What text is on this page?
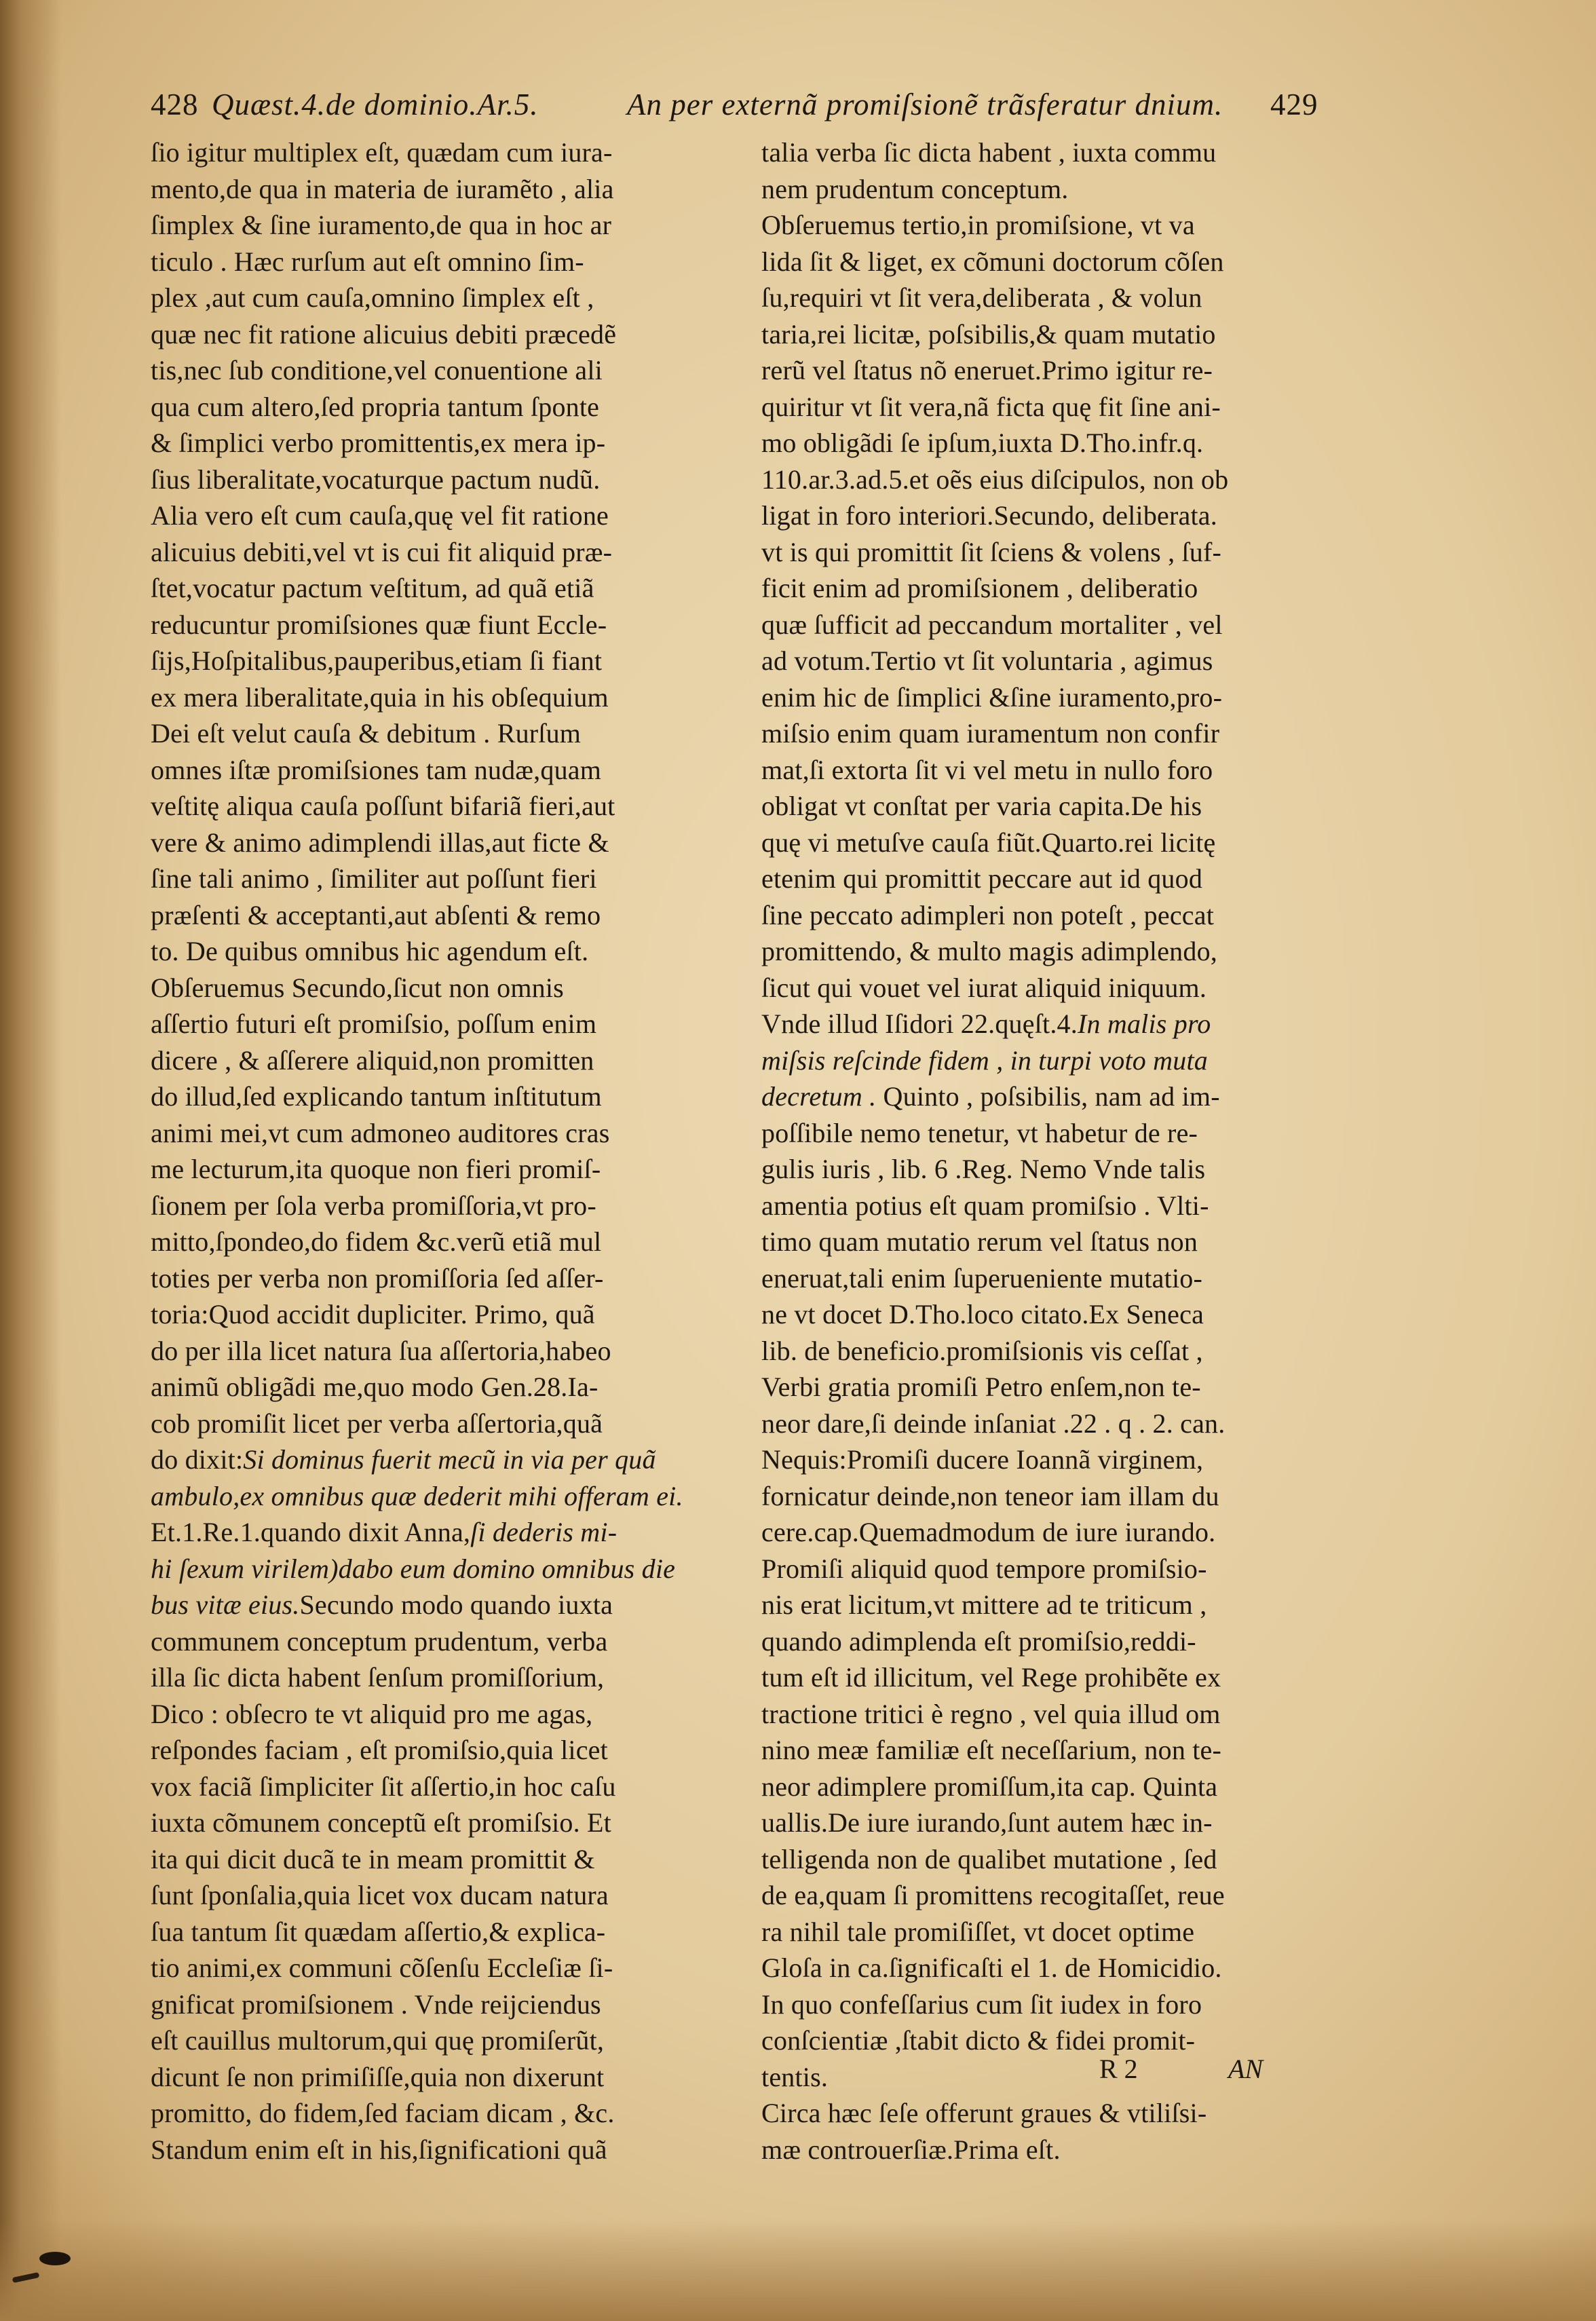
428 Quæst.4.de dominio.Ar.5.	An per externã promiſsionẽ trãsferatur dnium. 429
ſio igitur multiplex eſt, quædam cum iura-
mento,de qua in materia de iuramẽto , alia
ſimplex & ſine iuramento,de qua in hoc ar
ticulo . Hæc rurſum aut eſt omnino ſim-
plex ,aut cum cauſa,omnino ſimplex eſt ,
quæ nec fit ratione alicuius debiti præcedẽ
tis,nec ſub conditione,vel conuentione ali
qua cum altero,ſed propria tantum ſponte
& ſimplici verbo promittentis,ex mera ip-
ſius liberalitate,vocaturque pactum nudũ.
Alia vero eſt cum cauſa,quę vel fit ratione
alicuius debiti,vel vt is cui fit aliquid præ-
ſtet,vocatur pactum veſtitum, ad quã etiã
reducuntur promiſsiones quæ fiunt Eccle-
ſijs,Hoſpitalibus,pauperibus,etiam ſi fiant
ex mera liberalitate,quia in his obſequium
Dei eſt velut cauſa & debitum . Rurſum
omnes iſtæ promiſsiones tam nudæ,quam
veſtitę aliqua cauſa poſſunt bifariã fieri,aut
vere & animo adimplendi illas,aut ficte &
ſine tali animo , ſimiliter aut poſſunt fieri
præſenti & acceptanti,aut abſenti & remo
to. De quibus omnibus hic agendum eſt.
Obſeruemus Secundo,ſicut non omnis
aſſertio futuri eſt promiſsio, poſſum enim
dicere , & aſſerere aliquid,non promitten
do illud,ſed explicando tantum inſtitutum
animi mei,vt cum admoneo auditores cras
me lecturum,ita quoque non fieri promiſ-
ſionem per ſola verba promiſſoria,vt pro-
mitto,ſpondeo,do fidem &c.verũ etiã mul
toties per verba non promiſſoria ſed aſſer-
toria:Quod accidit dupliciter. Primo, quã
do per illa licet natura ſua aſſertoria,habeo
animũ obligãdi me,quo modo Gen.28.Ia-
cob promiſit licet per verba aſſertoria,quã
do dixit:Si dominus fuerit mecũ in via per quã
ambulo,ex omnibus quæ dederit mihi offeram ei.
Et.1.Re.1.quando dixit Anna,ſi dederis mi-
hi ſexum virilem)dabo eum domino omnibus die
bus vitæ eius.Secundo modo quando iuxta
communem conceptum prudentum, verba
illa ſic dicta habent ſenſum promiſſorium,
Dico : obſecro te vt aliquid pro me agas,
reſpondes faciam , eſt promiſsio,quia licet
vox faciã ſimpliciter ſit aſſertio,in hoc caſu
iuxta cõmunem conceptũ eſt promiſsio. Et
ita qui dicit ducã te in meam promittit &
ſunt ſponſalia,quia licet vox ducam natura
ſua tantum ſit quædam aſſertio,& explica-
tio animi,ex communi cõſenſu Eccleſiæ ſi-
gnificat promiſsionem . Vnde reijciendus
eſt cauillus multorum,qui quę promiſerũt,
dicunt ſe non primiſiſſe,quia non dixerunt
promitto, do fidem,ſed faciam dicam , &c.
Standum enim eſt in his,ſignificationi quã
talia verba ſic dicta habent , iuxta commu
nem prudentum conceptum.
Obſeruemus tertio,in promiſsione, vt va
lida ſit & liget, ex cõmuni doctorum cõſen
ſu,requiri vt ſit vera,deliberata , & volun
taria,rei licitæ, poſsibilis,& quam mutatio
rerũ vel ſtatus nõ eneruet.Primo igitur re-
quiritur vt ſit vera,nã ficta quę fit ſine ani-
mo obligãdi ſe ipſum,iuxta D.Tho.infr.q.
110.ar.3.ad.5.et oẽs eius diſcipulos, non ob
ligat in foro interiori.Secundo, deliberata.
vt is qui promittit ſit ſciens & volens , ſuf-
ficit enim ad promiſsionem , deliberatio
quæ ſufficit ad peccandum mortaliter , vel
ad votum.Tertio vt ſit voluntaria , agimus
enim hic de ſimplici &ſine iuramento,pro-
miſsio enim quam iuramentum non confir
mat,ſi extorta ſit vi vel metu in nullo foro
obligat vt conſtat per varia capita.De his
quę vi metuſve cauſa fiũt.Quarto.rei licitę
etenim qui promittit peccare aut id quod
ſine peccato adimpleri non poteſt , peccat
promittendo, & multo magis adimplendo,
ſicut qui vouet vel iurat aliquid iniquum.
Vnde illud Iſidori 22.quęſt.4.In malis pro
miſsis reſcinde fidem , in turpi voto muta
decretum . Quinto , poſsibilis, nam ad im-
poſſibile nemo tenetur, vt habetur de re-
gulis iuris , lib. 6 .Reg. Nemo Vnde talis
amentia potius eſt quam promiſsio . Vlti-
timo quam mutatio rerum vel ſtatus non
eneruat,tali enim ſuperueniente mutatio-
ne vt docet D.Tho.loco citato.Ex Seneca
lib. de beneficio.promiſsionis vis ceſſat ,
Verbi gratia promiſi Petro enſem,non te-
neor dare,ſi deinde inſaniat .22 . q . 2. can.
Nequis:Promiſi ducere Ioannã virginem,
fornicatur deinde,non teneor iam illam du
cere.cap.Quemadmodum de iure iurando.
Promiſi aliquid quod tempore promiſsio-
nis erat licitum,vt mittere ad te triticum ,
quando adimplenda eſt promiſsio,reddi-
tum eſt id illicitum, vel Rege prohibẽte ex
tractione tritici è regno , vel quia illud om
nino meæ familiæ eſt neceſſarium, non te-
neor adimplere promiſſum,ita cap. Quinta
uallis.De iure iurando,ſunt autem hæc in-
telligenda non de qualibet mutatione , ſed
de ea,quam ſi promittens recogitaſſet, reue
ra nihil tale promiſiſſet, vt docet optime
Gloſa in ca.ſignificaſti el 1. de Homicidio.
In quo confeſſarius cum ſit iudex in foro
conſcientiæ ,ſtabit dicto & fidei promit-
tentis.
Circa hæc ſeſe offerunt graues & vtiliſsi-
mæ controuerſiæ.Prima eſt.
R 2	AN
